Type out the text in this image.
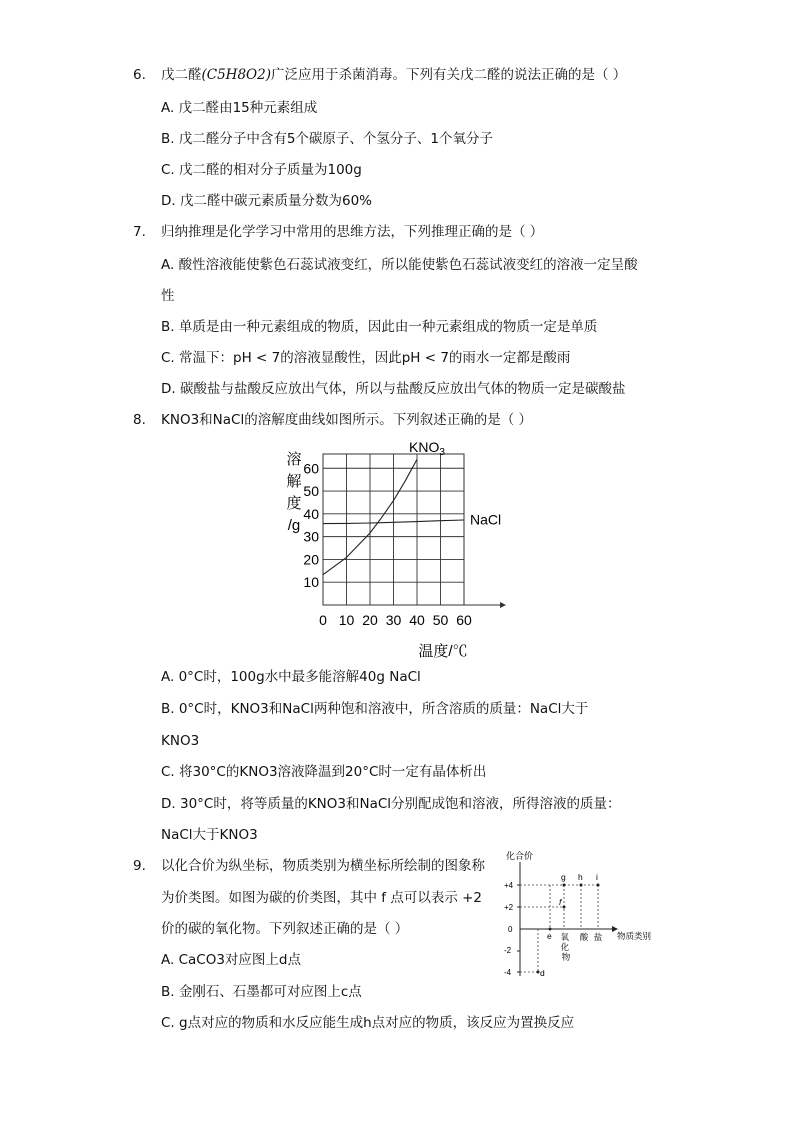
6. 戊二醛(C5H8O2)广泛应用于杀菌消毒。下列有关戊二醛的说法正确的是（ ）
A. 戊二醛由15种元素组成
B. 戊二醛分子中含有5个碳原子、个氢分子、1个氧分子
C. 戊二醛的相对分子质量为100g
D. 戊二醛中碳元素质量分数为60%
7. 归纳推理是化学学习中常用的思维方法，下列推理正确的是（ ）
A. 酸性溶液能使紫色石蕊试液变红，所以能使紫色石蕊试液变红的溶液一定呈酸
性
B. 单质是由一种元素组成的物质，因此由一种元素组成的物质一定是单质
C. 常温下：pH < 7的溶液显酸性，因此pH < 7的雨水一定都是酸雨
D. 碳酸盐与盐酸反应放出气体，所以与盐酸反应放出气体的物质一定是碳酸盐
8. KNO3和NaCl的溶解度曲线如图所示。下列叙述正确的是（ ）
溶
解
度
/g
10
20
30
40
50
60
0 10 20 30 40 50 60
$KNO_3$
NaCl
温度/℃
A. 0°C时，100g水中最多能溶解40g NaCl
B. 0°C时，KNO3和NaCl两种饱和溶液中，所含溶质的质量：NaCl大于
KNO3
C. 将30°C的KNO3溶液降温到20°C时一定有晶体析出
D. 30°C时，将等质量的KNO3和NaCl分别配成饱和溶液，所得溶液的质量：
NaCl大于KNO3
9. 以化合价为纵坐标，物质类别为横坐标所绘制的图象称
为价类图。如图为碳的价类图，其中 f 点可以表示 +2
价的碳的氧化物。下列叙述正确的是（ ）
A. CaCO3对应图上d点
B. 金刚石、石墨都可对应图上c点
C. g点对应的物质和水反应能生成h点对应的物质，该反应为置换反应
化合价
物质类别
+4
+2
0
-2
-4
g h i
f
e
d
氧 化 物
酸 盐
